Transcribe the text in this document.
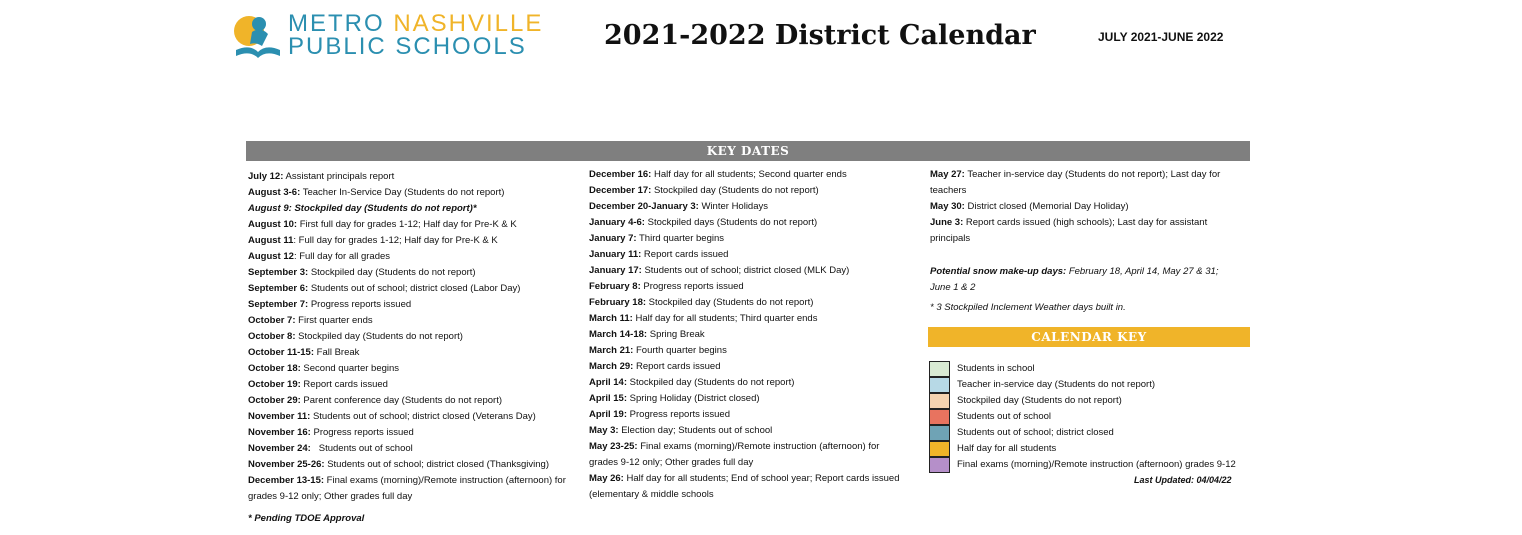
METRO NASHVILLE
PUBLIC SCHOOLS	2021-2022 District Calendar	JULY 2021-JUNE 2022
KEY DATES
July 12: Assistant principals report
August 3-6: Teacher In-Service Day (Students do not report)
August 9: Stockpiled day (Students do not report)*
August 10: First full day for grades 1-12; Half day for Pre-K & K
August 11: Full day for grades 1-12; Half day for Pre-K & K
August 12: Full day for all grades
September 3: Stockpiled day (Students do not report)
September 6: Students out of school; district closed (Labor Day)
September 7: Progress reports issued
October 7: First quarter ends
October 8: Stockpiled day (Students do not report)
October 11-15: Fall Break
October 18: Second quarter begins
October 19: Report cards issued
October 29: Parent conference day (Students do not report)
November 11: Students out of school; district closed (Veterans Day)
November 16: Progress reports issued
November 24:   Students out of school
November 25-26: Students out of school; district closed (Thanksgiving)
December 13-15: Final exams (morning)/Remote instruction (afternoon) for grades 9-12 only; Other grades full day
December 16: Half day for all students; Second quarter ends
December 17: Stockpiled day (Students do not report)
December 20-January 3: Winter Holidays
January 4-6: Stockpiled days (Students do not report)
January 7: Third quarter begins
January 11: Report cards issued
January 17: Students out of school; district closed (MLK Day)
February 8: Progress reports issued
February 18: Stockpiled day (Students do not report)
March 11: Half day for all students; Third quarter ends
March 14-18: Spring Break
March 21: Fourth quarter begins
March 29: Report cards issued
April 14: Stockpiled day (Students do not report)
April 15: Spring Holiday (District closed)
April 19: Progress reports issued
May 3: Election day; Students out of school
May 23-25: Final exams (morning)/Remote instruction (afternoon) for grades 9-12 only; Other grades full day
May 26: Half day for all students; End of school year; Report cards issued (elementary & middle schools
May 27: Teacher in-service day (Students do not report); Last day for teachers
May 30: District closed (Memorial Day Holiday)
June 3: Report cards issued (high schools); Last day for assistant principals
Potential snow make-up days: February 18, April 14, May 27 & 31; June 1 & 2
* 3 Stockpiled Inclement Weather days built in.
* Pending TDOE Approval
CALENDAR KEY
Students in school
Teacher in-service day (Students do not report)
Stockpiled day (Students do not report)
Students out of school
Students out of school; district closed
Half day for all students
Final exams (morning)/Remote instruction (afternoon) grades 9-12
Last Updated: 04/04/22
